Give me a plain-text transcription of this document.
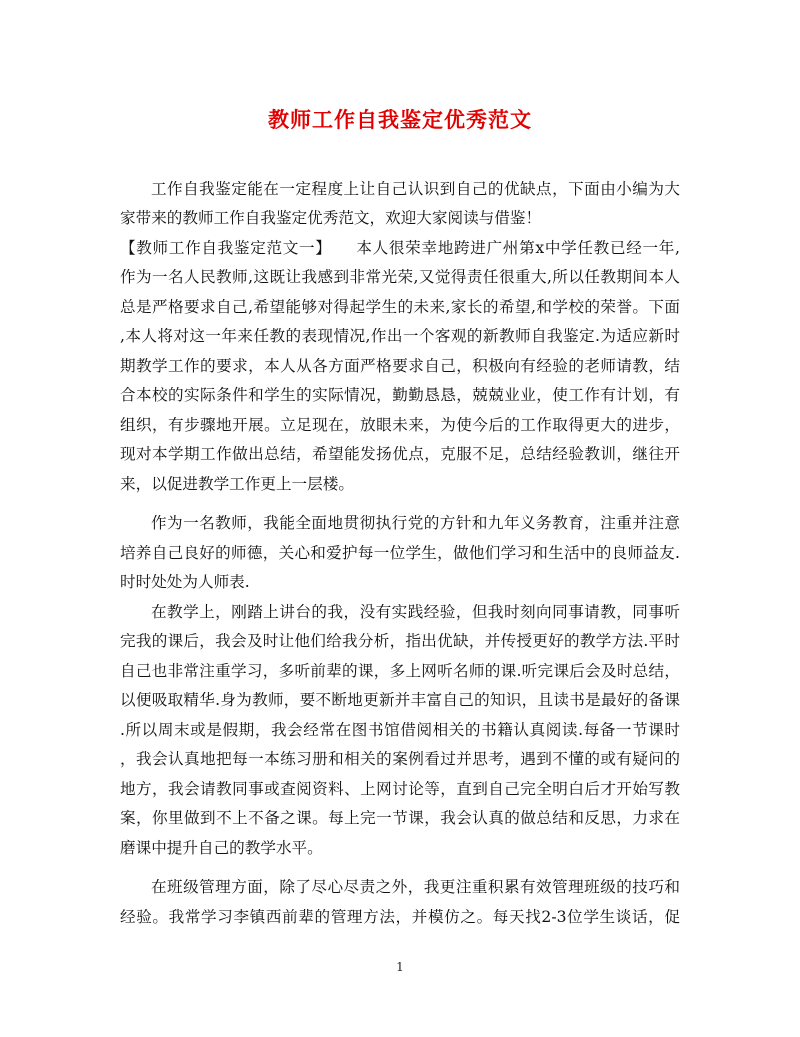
教师工作自我鉴定优秀范文
工作自我鉴定能在一定程度上让自己认识到自己的优缺点，下面由小编为大
家带来的教师工作自我鉴定优秀范文，欢迎大家阅读与借鉴！
【教师工作自我鉴定范文一】　　本人很荣幸地跨进广州第x中学任教已经一年,
作为一名人民教师,这既让我感到非常光荣,又觉得责任很重大,所以任教期间本人
总是严格要求自己,希望能够对得起学生的未来,家长的希望,和学校的荣誉。下面
,本人将对这一年来任教的表现情况,作出一个客观的新教师自我鉴定.为适应新时
期教学工作的要求，本人从各方面严格要求自己，积极向有经验的老师请教，结
合本校的实际条件和学生的实际情况，勤勤恳恳，兢兢业业，使工作有计划，有
组织，有步骤地开展。立足现在，放眼未来，为使今后的工作取得更大的进步，
现对本学期工作做出总结，希望能发扬优点，克服不足，总结经验教训，继往开
来，以促进教学工作更上一层楼。
作为一名教师，我能全面地贯彻执行党的方针和九年义务教育，注重并注意
培养自己良好的师德，关心和爱护每一位学生，做他们学习和生活中的良师益友.
时时处处为人师表.
在教学上，刚踏上讲台的我，没有实践经验，但我时刻向同事请教，同事听
完我的课后，我会及时让他们给我分析，指出优缺，并传授更好的教学方法.平时
自己也非常注重学习，多听前辈的课，多上网听名师的课.听完课后会及时总结，
以便吸取精华.身为教师，要不断地更新并丰富自己的知识，且读书是最好的备课
.所以周末或是假期，我会经常在图书馆借阅相关的书籍认真阅读.每备一节课时
，我会认真地把每一本练习册和相关的案例看过并思考，遇到不懂的或有疑问的
地方，我会请教同事或查阅资料、上网讨论等，直到自己完全明白后才开始写教
案，你里做到不上不备之课。每上完一节课，我会认真的做总结和反思，力求在
磨课中提升自己的教学水平。
在班级管理方面，除了尽心尽责之外，我更注重积累有效管理班级的技巧和
经验。我常学习李镇西前辈的管理方法，并模仿之。每天找2-3位学生谈话，促
1
